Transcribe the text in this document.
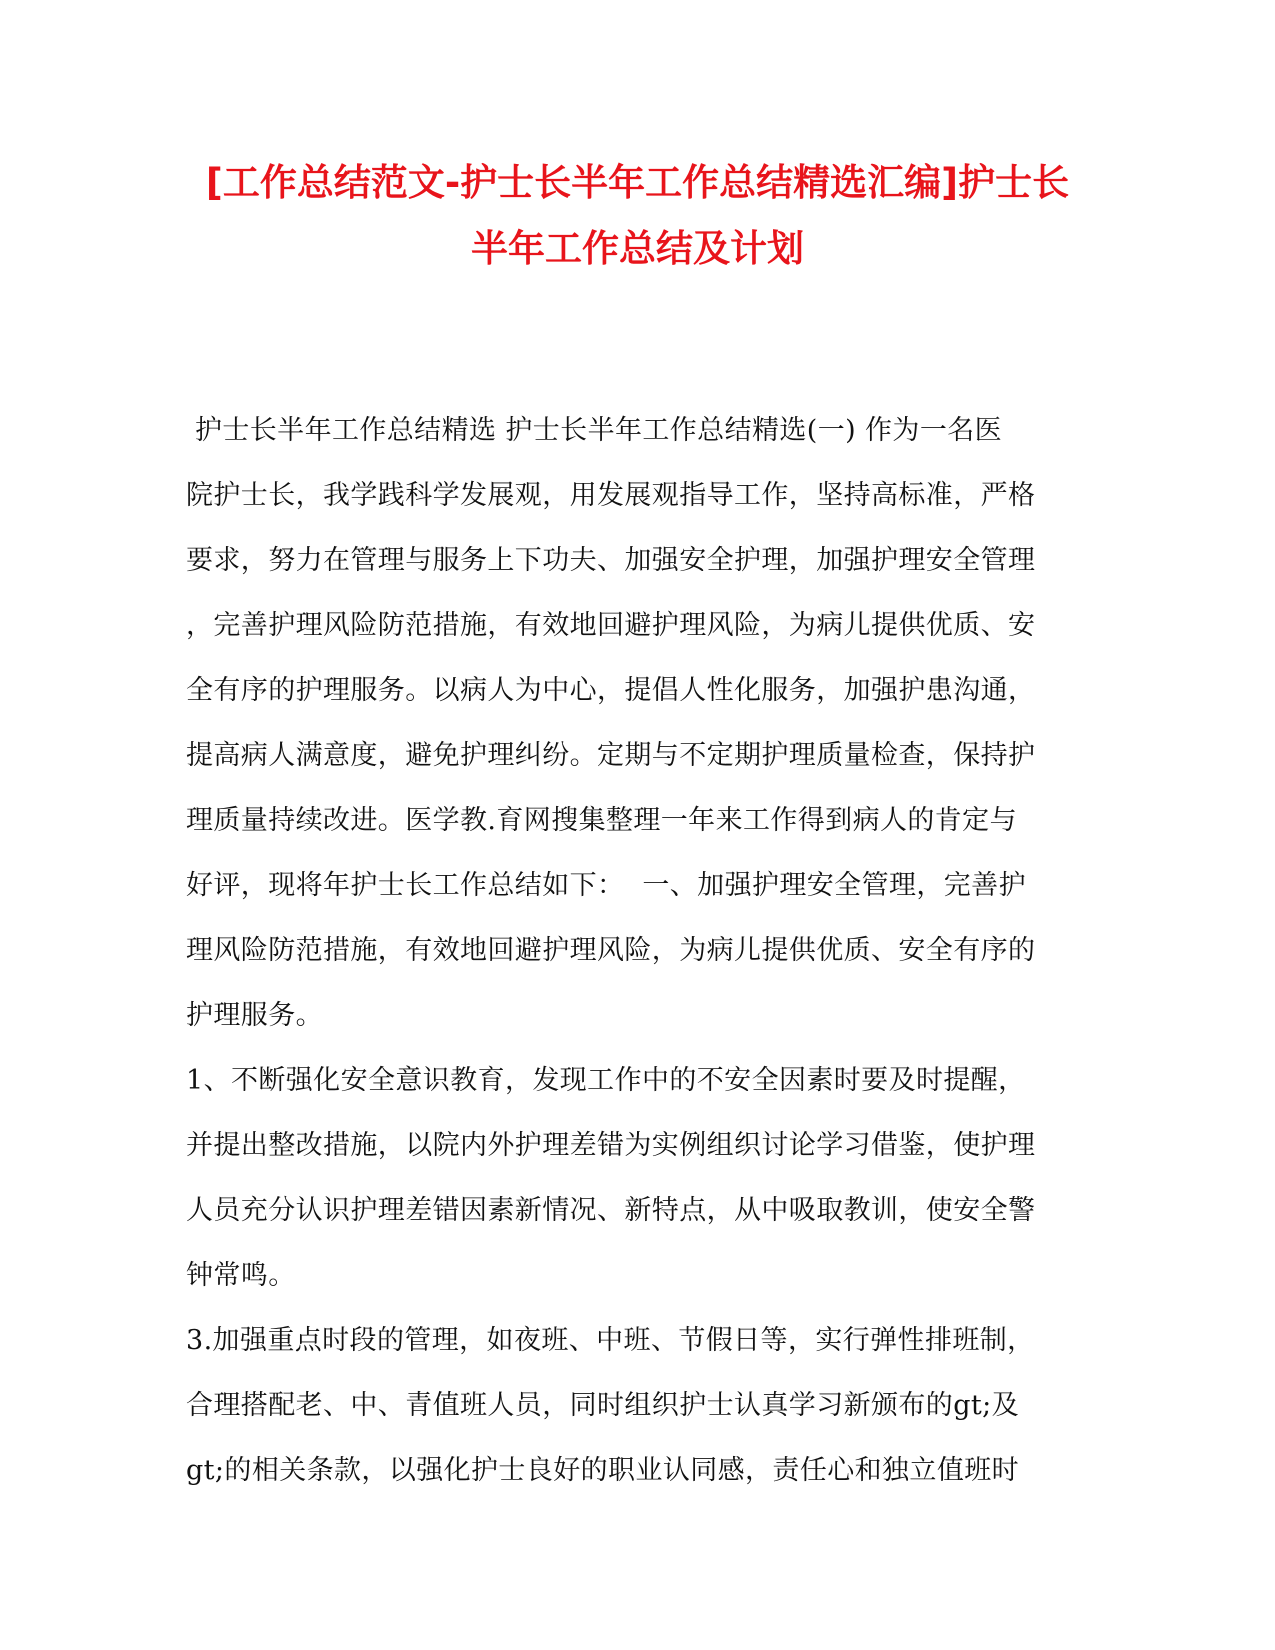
[工作总结范文-护士长半年工作总结精选汇编]护士长
半年工作总结及计划
护士长半年工作总结精选 护士长半年工作总结精选(一) 作为一名医
院护士长，我学践科学发展观，用发展观指导工作，坚持高标准，严格
要求，努力在管理与服务上下功夫、加强安全护理，加强护理安全管理
，完善护理风险防范措施，有效地回避护理风险，为病儿提供优质、安
全有序的护理服务。以病人为中心，提倡人性化服务，加强护患沟通，
提高病人满意度，避免护理纠纷。定期与不定期护理质量检查，保持护
理质量持续改进。医学教.育网搜集整理一年来工作得到病人的肯定与
好评，现将年护士长工作总结如下：  一、加强护理安全管理，完善护
理风险防范措施，有效地回避护理风险，为病儿提供优质、安全有序的
护理服务。
1、不断强化安全意识教育，发现工作中的不安全因素时要及时提醒，
并提出整改措施，以院内外护理差错为实例组织讨论学习借鉴，使护理
人员充分认识护理差错因素新情况、新特点，从中吸取教训，使安全警
钟常鸣。
3.加强重点时段的管理，如夜班、中班、节假日等，实行弹性排班制，
合理搭配老、中、青值班人员，同时组织护士认真学习新颁布的gt;及
gt;的相关条款，以强化护士良好的职业认同感，责任心和独立值班时
